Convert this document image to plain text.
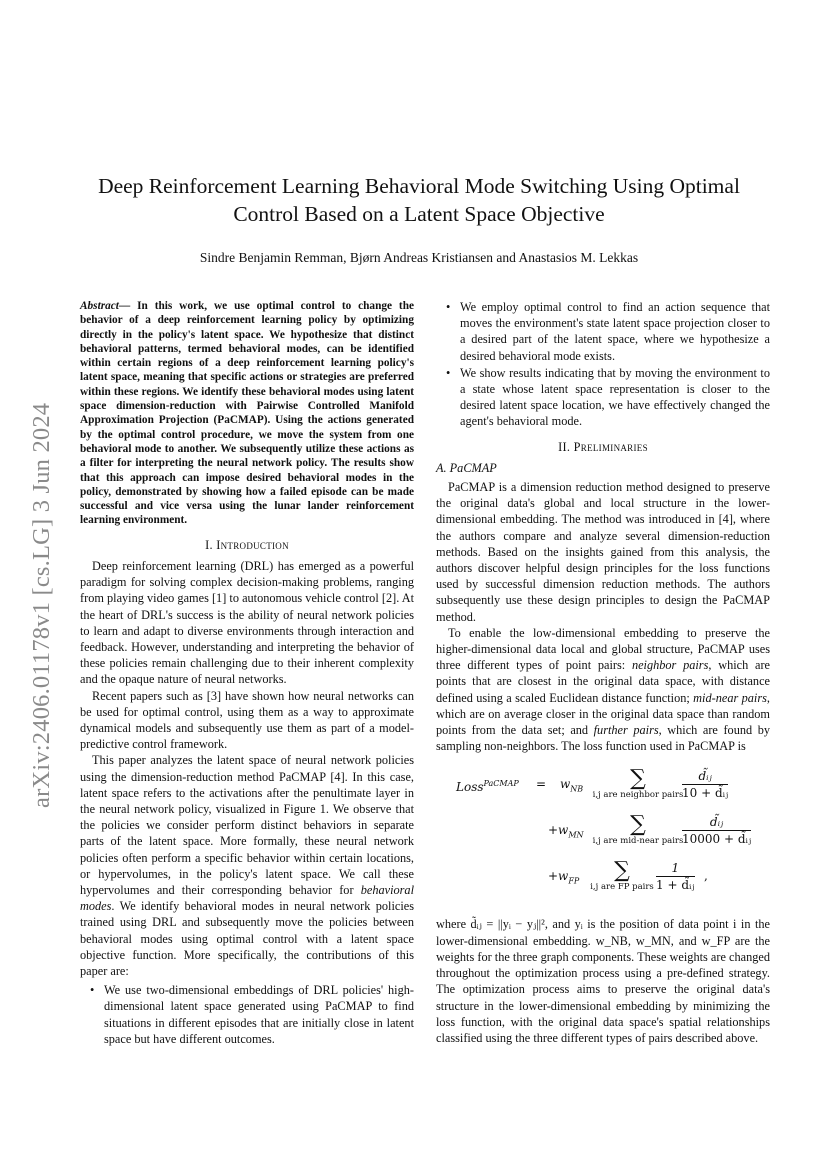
arXiv:2406.01178v1 [cs.LG] 3 Jun 2024
Deep Reinforcement Learning Behavioral Mode Switching Using Optimal Control Based on a Latent Space Objective
Sindre Benjamin Remman, Bjørn Andreas Kristiansen and Anastasios M. Lekkas

Abstract— In this work, we use optimal control to change the behavior of a deep reinforcement learning policy by optimizing directly in the policy's latent space. We hypothesize that distinct behavioral patterns, termed behavioral modes, can be identified within certain regions of a deep reinforcement learning policy's latent space, meaning that specific actions or strategies are preferred within these regions. We identify these behavioral modes using latent space dimension-reduction with Pairwise Controlled Manifold Approximation Projection (PaCMAP). Using the actions generated by the optimal control procedure, we move the system from one behavioral mode to another. We subsequently utilize these actions as a filter for interpreting the neural network policy. The results show that this approach can impose desired behavioral modes in the policy, demonstrated by showing how a failed episode can be made successful and vice versa using the lunar lander reinforcement learning environment.

I. Introduction

Deep reinforcement learning (DRL) has emerged as a powerful paradigm for solving complex decision-making problems, ranging from playing video games [1] to autonomous vehicle control [2]. At the heart of DRL's success is the ability of neural network policies to learn and adapt to diverse environments through interaction and feedback. However, understanding and interpreting the behavior of these policies remain challenging due to their inherent complexity and the opaque nature of neural networks.

Recent papers such as [3] have shown how neural networks can be used for optimal control, using them as a way to approximate dynamical models and subsequently use them as part of a model-predictive control framework.

This paper analyzes the latent space of neural network policies using the dimension-reduction method PaCMAP [4]. In this case, latent space refers to the activations after the penultimate layer in the neural network policy, visualized in Figure 1. We observe that the policies we consider perform distinct behaviors in separate parts of the latent space. More formally, these neural network policies often perform a specific behavior within certain locations, or hypervolumes, in the policy's latent space. We call these hypervolumes and their corresponding behavior for behavioral modes. We identify behavioral modes in neural network policies trained using DRL and subsequently move the policies between behavioral modes using optimal control with a latent space objective function. More specifically, the contributions of this paper are:

• We use two-dimensional embeddings of DRL policies' high-dimensional latent space generated using PaCMAP to find situations in different episodes that are initially close in latent space but have different outcomes.
• We employ optimal control to find an action sequence that moves the environment's state latent space projection closer to a desired part of the latent space, where we hypothesize a desired behavioral mode exists.
• We show results indicating that by moving the environment to a state whose latent space representation is closer to the desired latent space location, we have effectively changed the agent's behavioral mode.
II. Preliminaries
A. PaCMAP

PaCMAP is a dimension reduction method designed to preserve the original data's global and local structure in the lower-dimensional embedding. The method was introduced in [4], where the authors compare and analyze several dimension-reduction methods. Based on the insights gained from this analysis, the authors discover helpful design principles for the loss functions used by successful dimension reduction methods. The authors subsequently use these design principles to design the PaCMAP method.

To enable the low-dimensional embedding to preserve the higher-dimensional data local and global structure, PaCMAP uses three different types of point pairs: neighbor pairs, which are points that are closest in the original data space, with distance defined using a scaled Euclidean distance function; mid-near pairs, which are on average closer in the original data space than random points from the data set; and further pairs, which are found by sampling non-neighbors. The loss function used in PaCMAP is

Loss$^{PaCMAP}$ = $w_{NB}$	∑
i,j are neighbor pairs
$\frac{\text{d̃ᵢⱼ}}{\text{10 + d̃ᵢⱼ}}$
$+w_{MN}$	∑
i,j are mid-near pairs
$\frac{\text{d̃ᵢⱼ}}{\text{10000 + d̃ᵢⱼ}}$
$+w_{FP}$	∑
i,j are FP pairs $\frac{1}{\text{1 + d̃ᵢⱼ}}$ ,

where d̃ᵢⱼ = ||yᵢ − yⱼ||², and yᵢ is the position of data point i in the lower-dimensional embedding. w_NB, w_MN, and w_FP are the weights for the three graph components. These weights are changed throughout the optimization process using a pre-defined strategy. The optimization process aims to preserve the original data's structure in the lower-dimensional embedding by minimizing the loss function, with the original data space's spatial relationships classified using the three different types of pairs described above.
